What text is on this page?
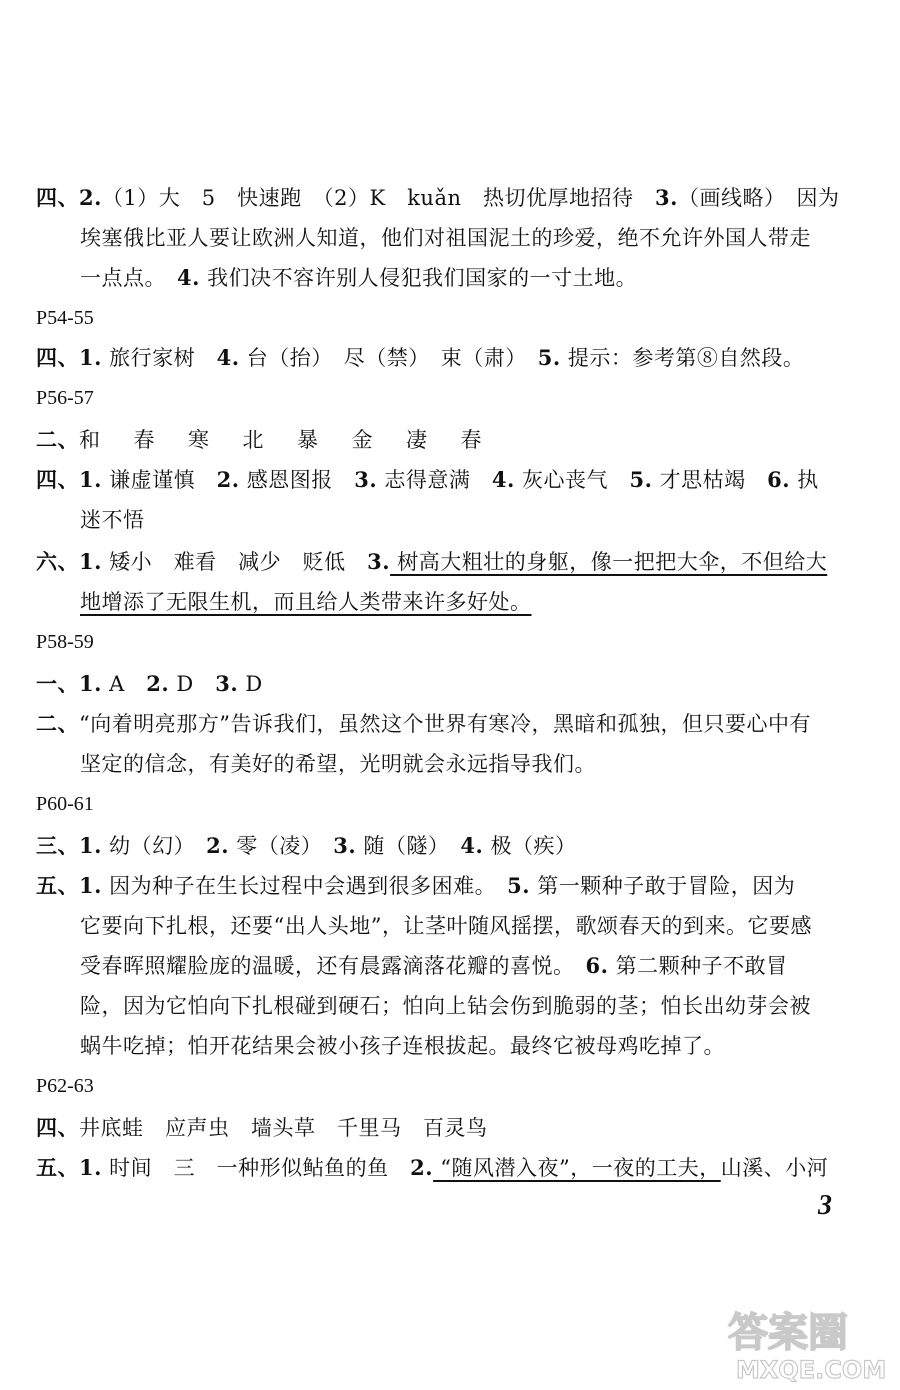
四、2.（1）大　5　快速跑　（2）K　kuǎn　热切优厚地招待　3.（画线略）　因为
埃塞俄比亚人要让欧洲人知道，他们对祖国泥土的珍爱，绝不允许外国人带走
一点点。　4. 我们决不容许别人侵犯我们国家的一寸土地。
P54-55
四、1. 旅行家树　4. 台（抬）　尽（禁）　束（肃）　5. 提示：参考第⑧自然段。
P56-57
二、和 春 寒 北 暴 金 凄 春
四、1. 谦虚谨慎　2. 感恩图报　3. 志得意满　4. 灰心丧气　5. 才思枯竭　6. 执
迷不悟
六、1. 矮小　难看　减少　贬低　3. 树高大粗壮的身躯，像一把把大伞，不但给大
地增添了无限生机，而且给人类带来许多好处。
P58-59
一、1. A　2. D　3. D
二、“向着明亮那方”告诉我们，虽然这个世界有寒冷，黑暗和孤独，但只要心中有
坚定的信念，有美好的希望，光明就会永远指导我们。
P60-61
三、1. 幼（幻）　2. 零（凌）　3. 随（隧）　4. 极（疾）
五、1. 因为种子在生长过程中会遇到很多困难。　5. 第一颗种子敢于冒险，因为
它要向下扎根，还要“出人头地”，让茎叶随风摇摆，歌颂春天的到来。它要感
受春晖照耀脸庞的温暖，还有晨露滴落花瓣的喜悦。　6. 第二颗种子不敢冒
险，因为它怕向下扎根碰到硬石；怕向上钻会伤到脆弱的茎；怕长出幼芽会被
蜗牛吃掉；怕开花结果会被小孩子连根拔起。最终它被母鸡吃掉了。
P62-63
四、井底蛙　应声虫　墙头草　千里马　百灵鸟
五、1. 时间　三　一种形似鲇鱼的鱼　2. “随风潜入夜”，一夜的工夫，山溪、小河
3
答案圈
MXQE.COM
